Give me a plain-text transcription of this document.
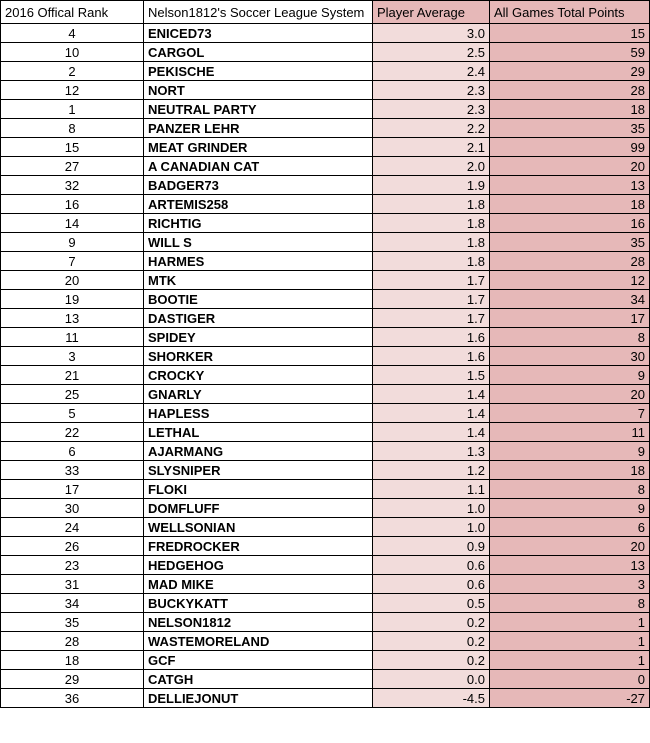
2016 Offical Rank	Nelson1812's Soccer League System	Player Average	All Games Total Points
4	ENICED73	3.0	15
10	CARGOL	2.5	59
2	PEKISCHE	2.4	29
12	NORT	2.3	28
1	NEUTRAL PARTY	2.3	18
8	PANZER LEHR	2.2	35
15	MEAT GRINDER	2.1	99
27	A CANADIAN CAT	2.0	20
32	BADGER73	1.9	13
16	ARTEMIS258	1.8	18
14	RICHTIG	1.8	16
9	WILL S	1.8	35
7	HARMES	1.8	28
20	MTK	1.7	12
19	BOOTIE	1.7	34
13	DASTIGER	1.7	17
11	SPIDEY	1.6	8
3	SHORKER	1.6	30
21	CROCKY	1.5	9
25	GNARLY	1.4	20
5	HAPLESS	1.4	7
22	LETHAL	1.4	11
6	AJARMANG	1.3	9
33	SLYSNIPER	1.2	18
17	FLOKI	1.1	8
30	DOMFLUFF	1.0	9
24	WELLSONIAN	1.0	6
26	FREDROCKER	0.9	20
23	HEDGEHOG	0.6	13
31	MAD MIKE	0.6	3
34	BUCKYKATT	0.5	8
35	NELSON1812	0.2	1
28	WASTEMORELAND	0.2	1
18	GCF	0.2	1
29	CATGH	0.0	0
36	DELLIEJONUT	-4.5	-27
